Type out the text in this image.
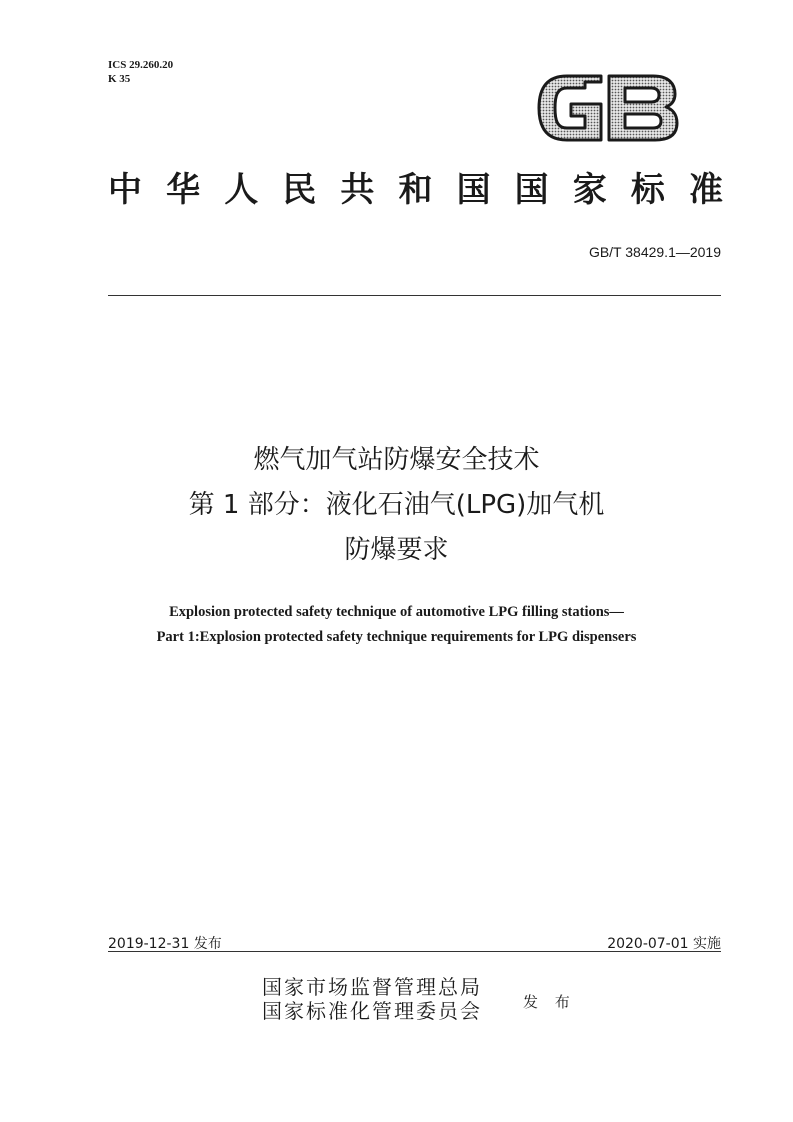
ICS 29.260.20
K 35
中 华 人 民 共 和 国 国 家 标 准
GB/T 38429.1—2019
燃气加气站防爆安全技术
第 1 部分：液化石油气(LPG)加气机
防爆要求
Explosion protected safety technique of automotive LPG filling stations—
Part 1:Explosion protected safety technique requirements for LPG dispensers
2019-12-31 发布	2020-07-01 实施
国家市场监督管理总局
国家标准化管理委员会	发 布
